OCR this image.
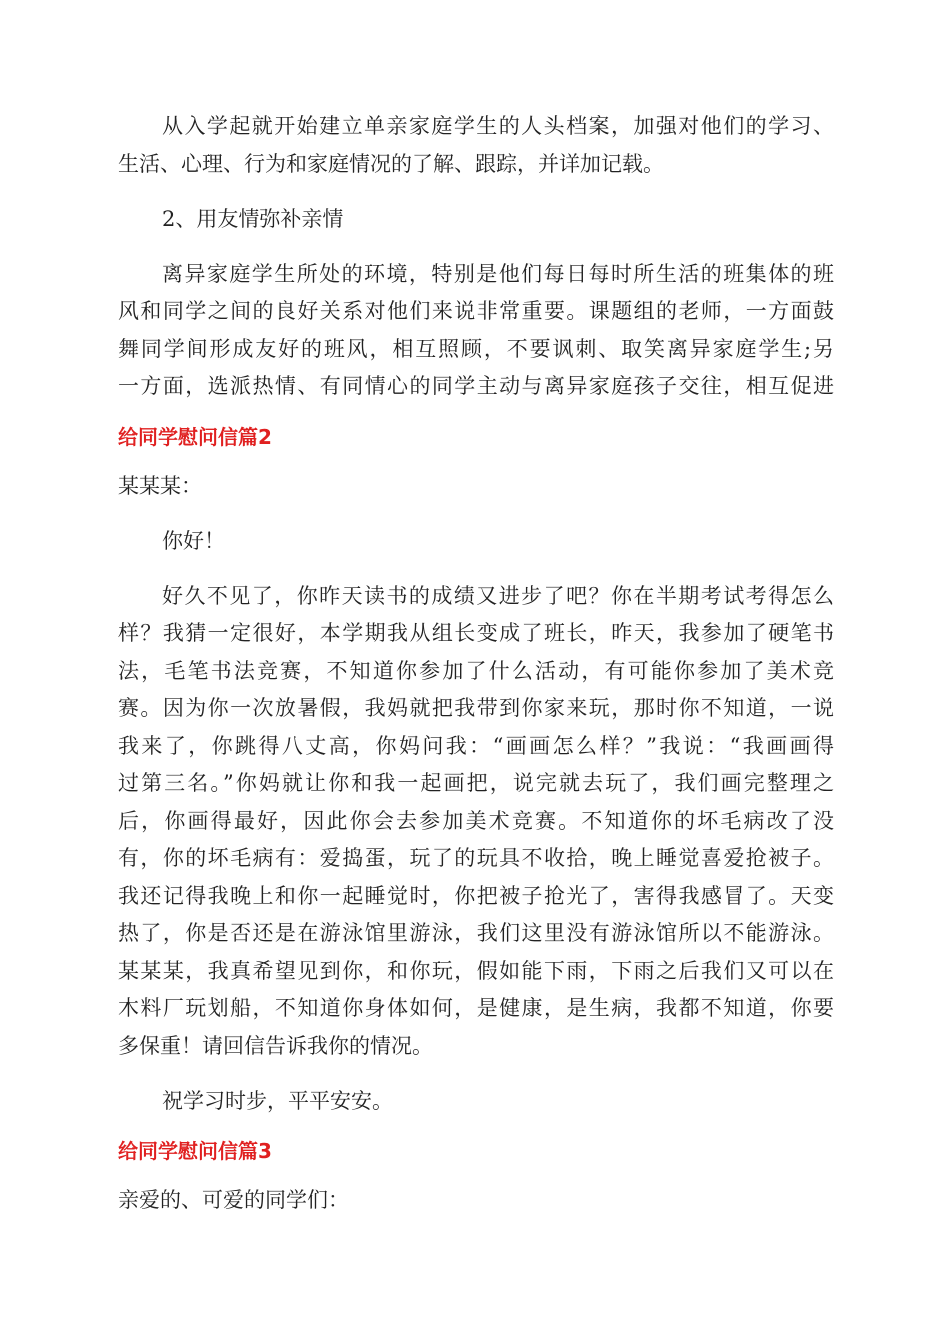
从入学起就开始建立单亲家庭学生的人头档案，加强对他们的学习、
生活、心理、行为和家庭情况的了解、跟踪，并详加记载。
2、用友情弥补亲情
离异家庭学生所处的环境，特别是他们每日每时所生活的班集体的班
风和同学之间的良好关系对他们来说非常重要。课题组的老师，一方面鼓
舞同学间形成友好的班风，相互照顾，不要讽刺、取笑离异家庭学生;另
一方面，选派热情、有同情心的同学主动与离异家庭孩子交往，相互促进
给同学慰问信篇2
某某某：
你好！
好久不见了，你昨天读书的成绩又进步了吧？你在半期考试考得怎么
样？我猜一定很好，本学期我从组长变成了班长，昨天，我参加了硬笔书
法，毛笔书法竞赛，不知道你参加了什么活动，有可能你参加了美术竞
赛。因为你一次放暑假，我妈就把我带到你家来玩，那时你不知道，一说
我来了，你跳得八丈高，你妈问我：“画画怎么样？”我说：“我画画得
过第三名。”你妈就让你和我一起画把，说完就去玩了，我们画完整理之
后，你画得最好，因此你会去参加美术竞赛。不知道你的坏毛病改了没
有，你的坏毛病有：爱捣蛋，玩了的玩具不收拾，晚上睡觉喜爱抢被子。
我还记得我晚上和你一起睡觉时，你把被子抢光了，害得我感冒了。天变
热了，你是否还是在游泳馆里游泳，我们这里没有游泳馆所以不能游泳。
某某某，我真希望见到你，和你玩，假如能下雨，下雨之后我们又可以在
木料厂玩划船，不知道你身体如何，是健康，是生病，我都不知道，你要
多保重！请回信告诉我你的情况。
祝学习时步，平平安安。
给同学慰问信篇3
亲爱的、可爱的同学们：
